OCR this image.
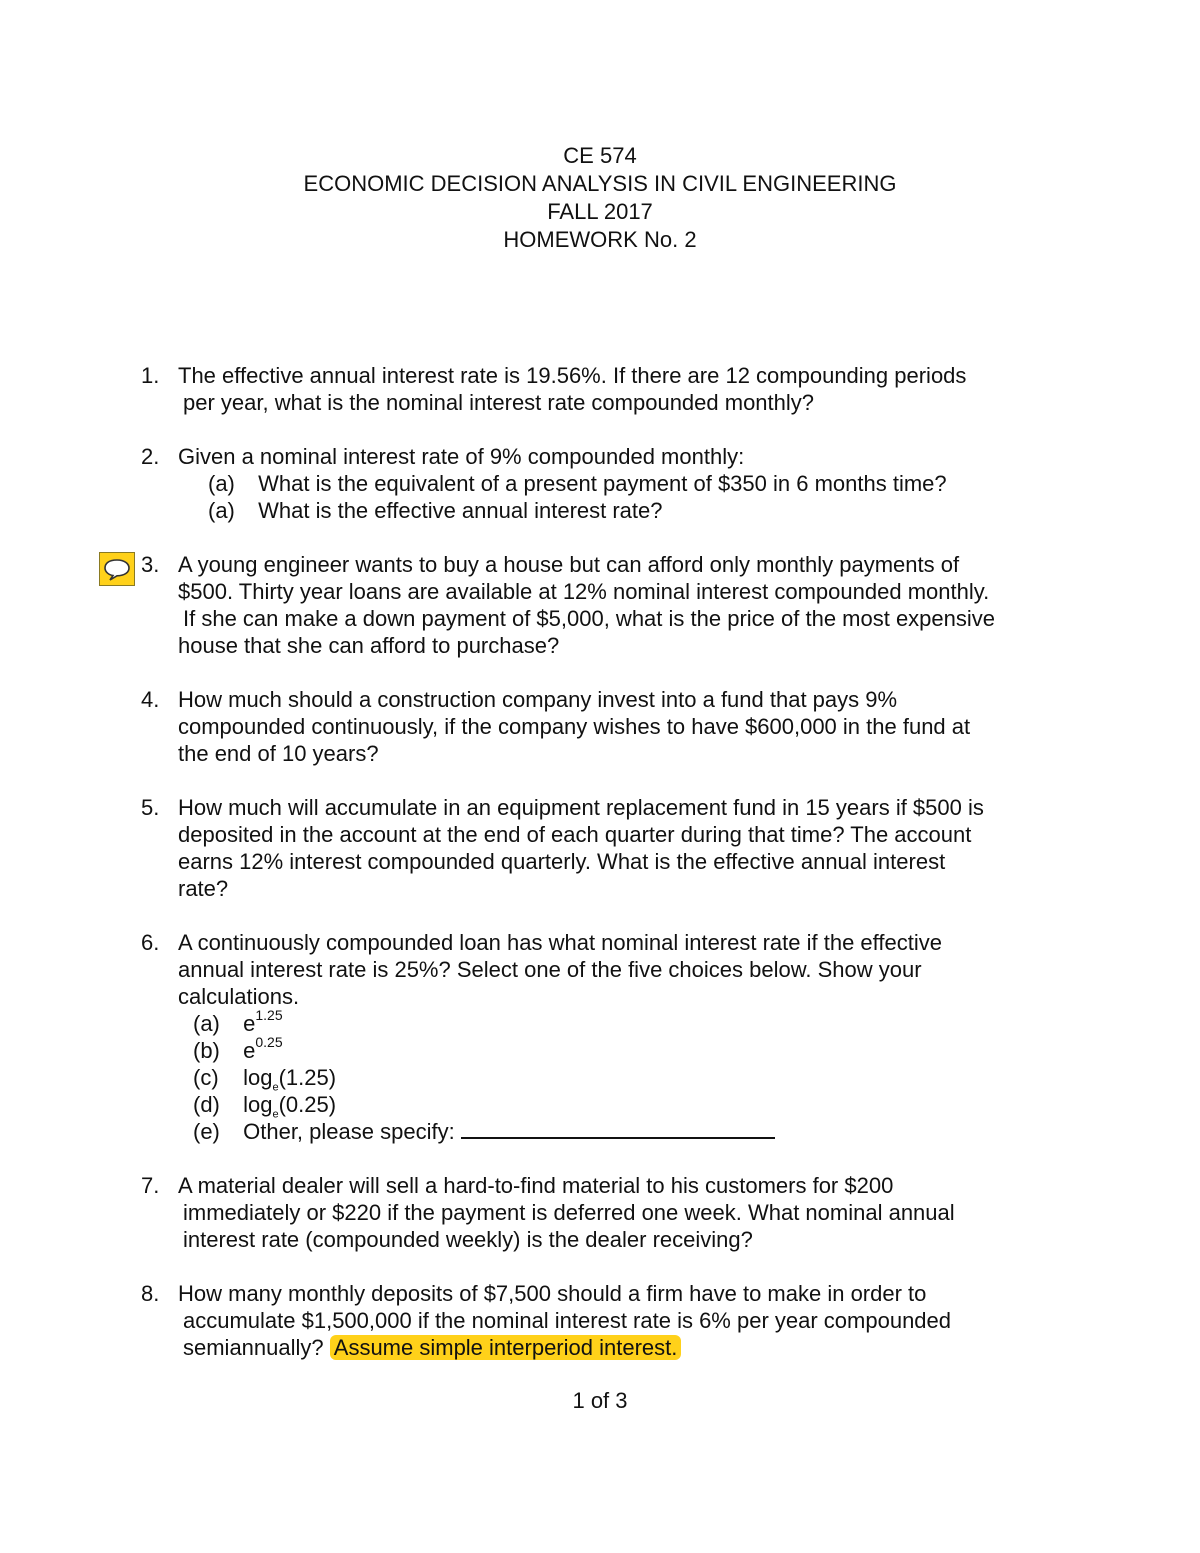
CE 574
ECONOMIC DECISION ANALYSIS IN CIVIL ENGINEERING
FALL 2017
HOMEWORK No. 2
1. The effective annual interest rate is 19.56%. If there are 12 compounding periods
per year, what is the nominal interest rate compounded monthly?
2. Given a nominal interest rate of 9% compounded monthly:
(a) What is the equivalent of a present payment of $350 in 6 months time?
(a) What is the effective annual interest rate?
3. A young engineer wants to buy a house but can afford only monthly payments of
$500. Thirty year loans are available at 12% nominal interest compounded monthly.
If she can make a down payment of $5,000, what is the price of the most expensive
house that she can afford to purchase?
4. How much should a construction company invest into a fund that pays 9%
compounded continuously, if the company wishes to have $600,000 in the fund at
the end of 10 years?
5. How much will accumulate in an equipment replacement fund in 15 years if $500 is
deposited in the account at the end of each quarter during that time? The account
earns 12% interest compounded quarterly. What is the effective annual interest
rate?
6. A continuously compounded loan has what nominal interest rate if the effective
annual interest rate is 25%? Select one of the five choices below. Show your
calculations.
(a) $e^{1.25}$
(b) $e^{0.25}$
(c) $\log_e(1.25)$
(d) $\log_e(0.25)$
(e) Other, please specify:
7. A material dealer will sell a hard-to-find material to his customers for $200
immediately or $220 if the payment is deferred one week. What nominal annual
interest rate (compounded weekly) is the dealer receiving?
8. How many monthly deposits of $7,500 should a firm have to make in order to
accumulate $1,500,000 if the nominal interest rate is 6% per year compounded
semiannually? Assume simple interperiod interest.
1 of 3
